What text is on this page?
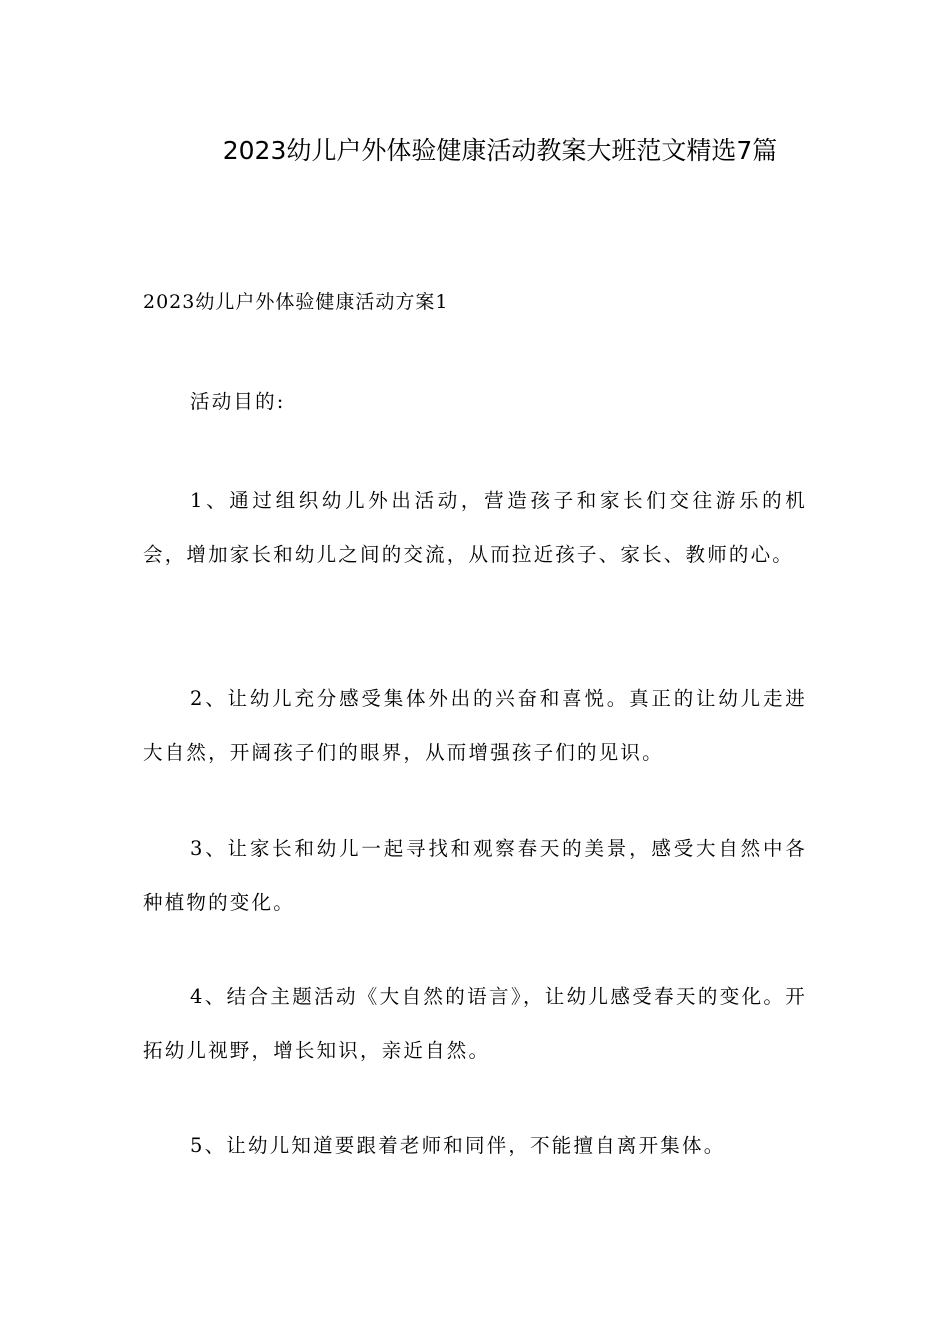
2023幼儿户外体验健康活动教案大班范文精选7篇
2023幼儿户外体验健康活动方案1

活动目的:

1、通过组织幼儿外出活动，营造孩子和家长们交往游乐的机会，增加家长和幼儿之间的交流，从而拉近孩子、家长、教师的心。

2、让幼儿充分感受集体外出的兴奋和喜悦。真正的让幼儿走进大自然，开阔孩子们的眼界，从而增强孩子们的见识。

3、让家长和幼儿一起寻找和观察春天的美景，感受大自然中各种植物的变化。

4、结合主题活动《大自然的语言》，让幼儿感受春天的变化。开拓幼儿视野，增长知识，亲近自然。

5、让幼儿知道要跟着老师和同伴，不能擅自离开集体。
